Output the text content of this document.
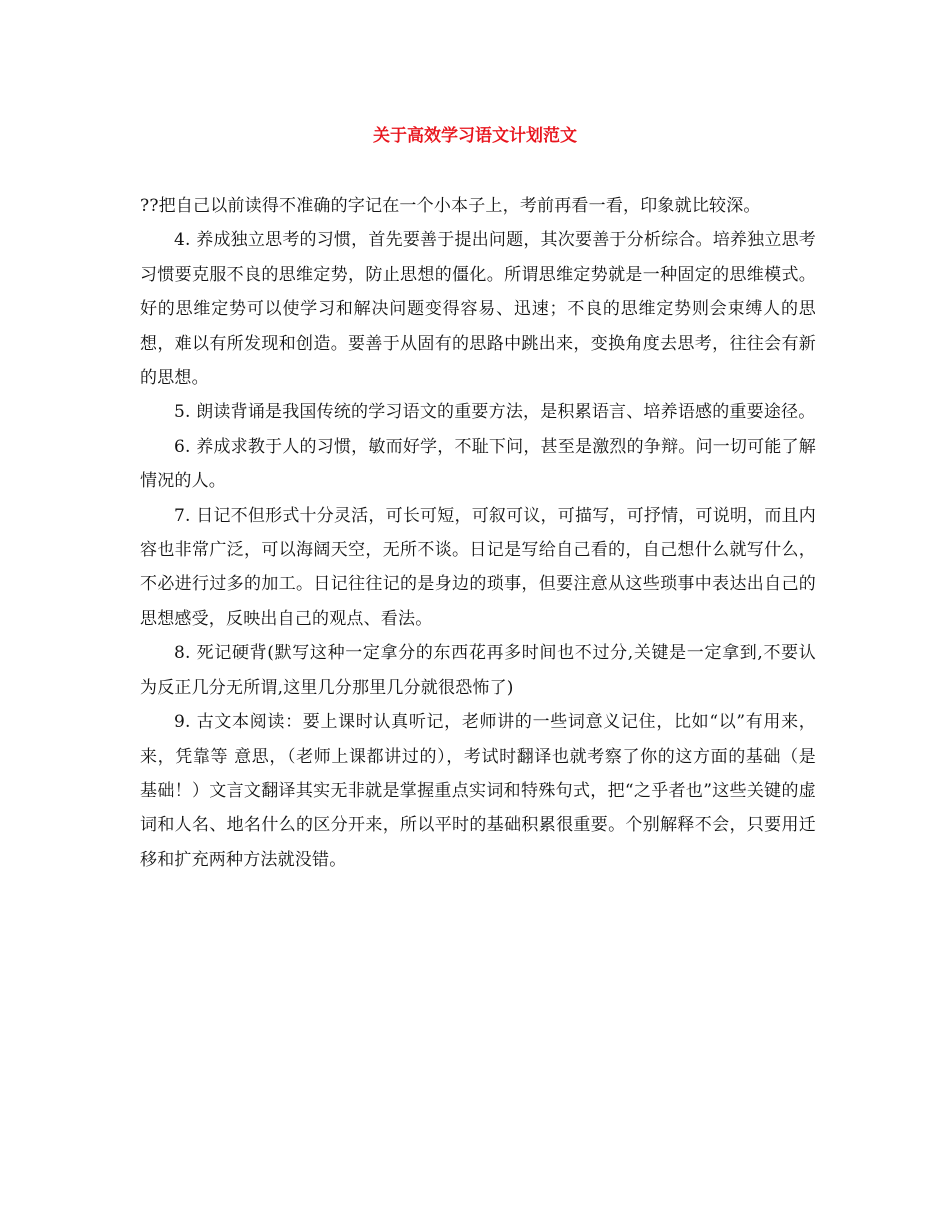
关于高效学习语文计划范文

??把自己以前读得不准确的字记在一个小本子上，考前再看一看，印象就比较深。

4. 养成独立思考的习惯，首先要善于提出问题，其次要善于分析综合。培养独立思考习惯要克服不良的思维定势，防止思想的僵化。所谓思维定势就是一种固定的思维模式。好的思维定势可以使学习和解决问题变得容易、迅速；不良的思维定势则会束缚人的思想，难以有所发现和创造。要善于从固有的思路中跳出来，变换角度去思考，往往会有新的思想。

5. 朗读背诵是我国传统的学习语文的重要方法，是积累语言、培养语感的重要途径。

6. 养成求教于人的习惯，敏而好学，不耻下问，甚至是激烈的争辩。问一切可能了解情况的人。

7. 日记不但形式十分灵活，可长可短，可叙可议，可描写，可抒情，可说明，而且内容也非常广泛，可以海阔天空，无所不谈。日记是写给自己看的，自己想什么就写什么，不必进行过多的加工。日记往往记的是身边的琐事，但要注意从这些琐事中表达出自己的思想感受，反映出自己的观点、看法。

8. 死记硬背(默写这种一定拿分的东西花再多时间也不过分,关键是一定拿到,不要认为反正几分无所谓,这里几分那里几分就很恐怖了)

9. 古文本阅读：要上课时认真听记，老师讲的一些词意义记住，比如“以”有用来，来，凭靠等 意思，（老师上课都讲过的），考试时翻译也就考察了你的这方面的基础（是基础！）文言文翻译其实无非就是掌握重点实词和特殊句式，把“之乎者也”这些关键的虚词和人名、地名什么的区分开来，所以平时的基础积累很重要。个别解释不会，只要用迁移和扩充两种方法就没错。
